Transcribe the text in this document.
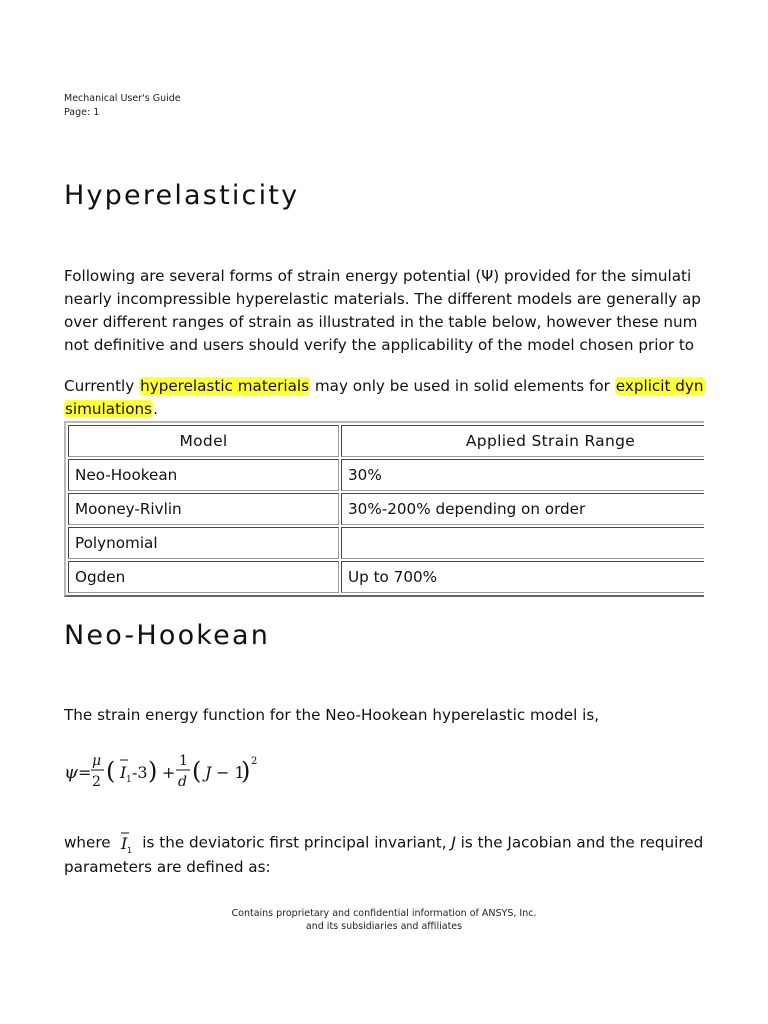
Mechanical User's Guide
Page: 1
Hyperelasticity
Following are several forms of strain energy potential (Ψ) provided for the simulati
nearly incompressible hyperelastic materials. The different models are generally ap
over different ranges of strain as illustrated in the table below, however these num
not definitive and users should verify the applicability of the model chosen prior to
Currently hyperelastic materials may only be used in solid elements for explicit dyn
simulations.
Model	Applied Strain Range
Neo-Hookean	30%
Mooney-Rivlin	30%-200% depending on order
Polynomial	
Ogden	Up to 700%
Neo-Hookean
The strain energy function for the Neo-Hookean hyperelastic model is,
ψ =
μ
2 ( I 1 -3 ) +
1
d ( J − 1
) 2
where I 1 is the deviatoric first principal invariant, J is the Jacobian and the required
parameters are defined as:
Contains proprietary and confidential information of ANSYS, Inc.
and its subsidiaries and affiliates
